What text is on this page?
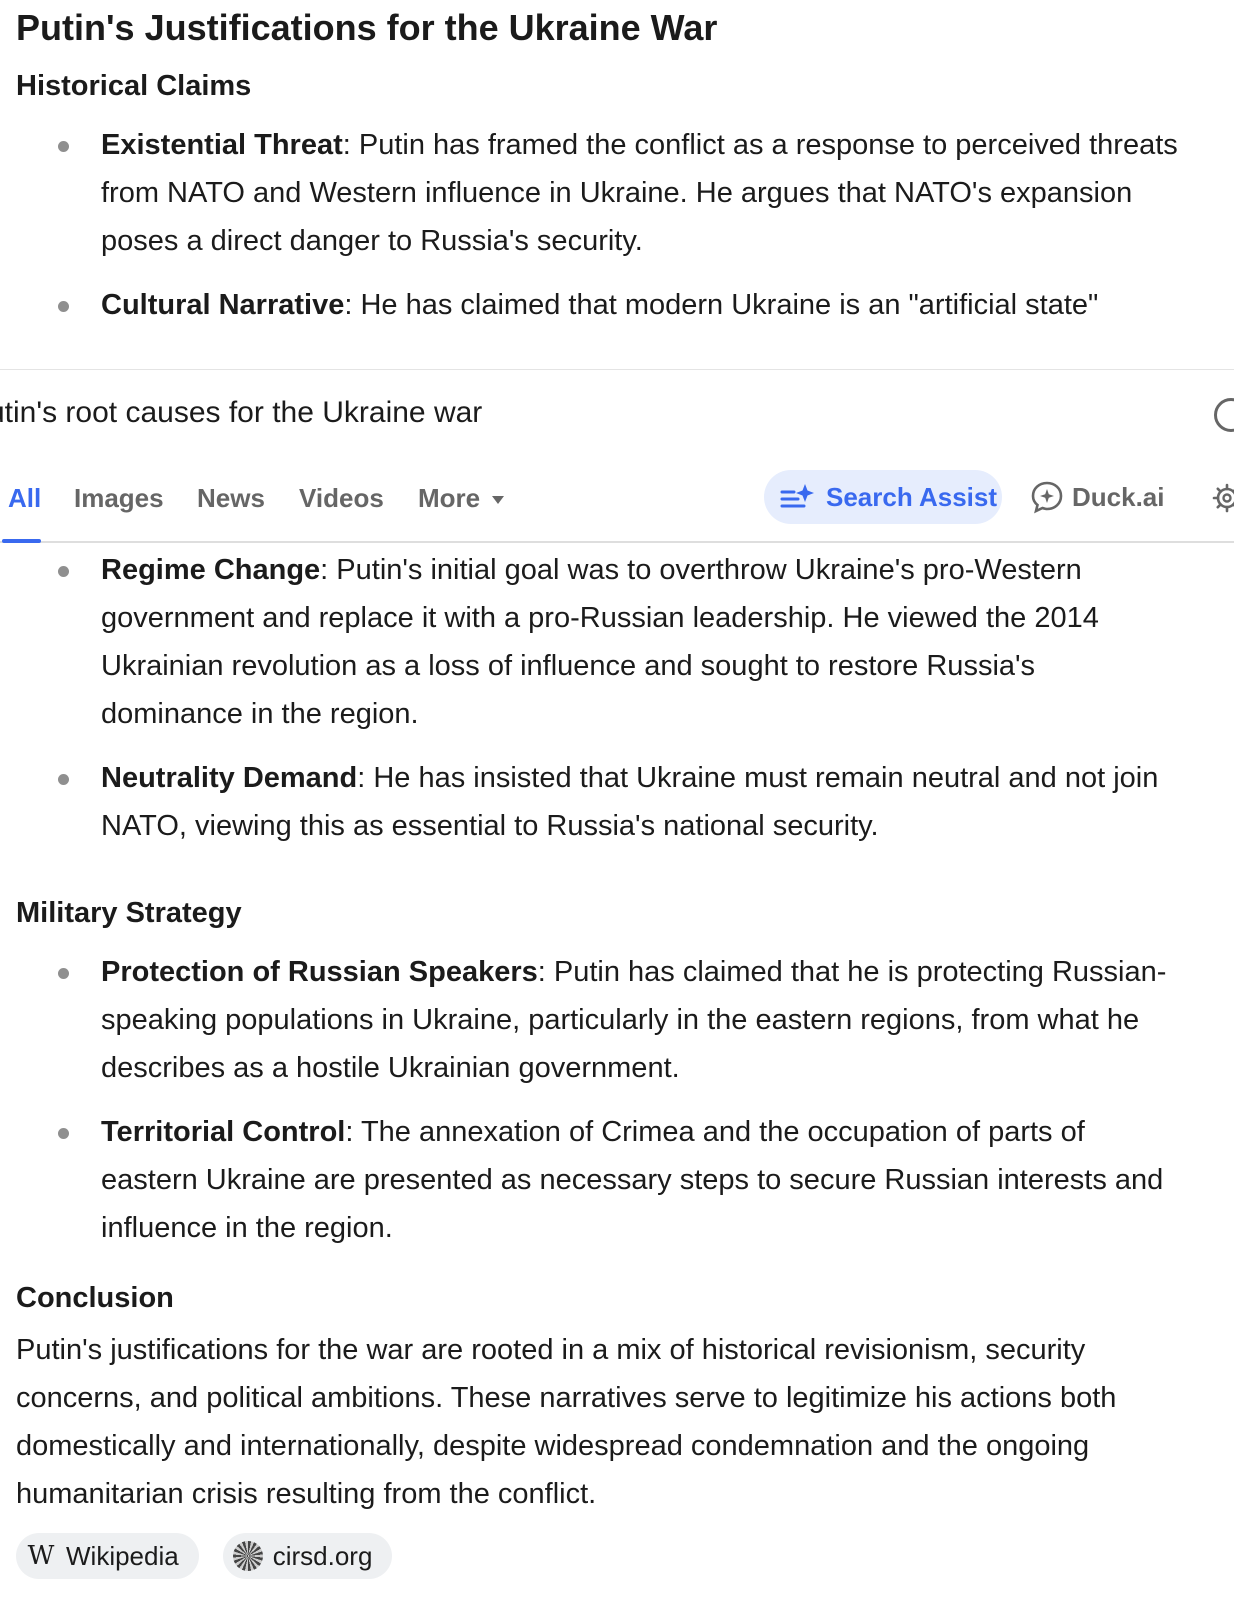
Putin's Justifications for the Ukraine War
Historical Claims
Existential Threat: Putin has framed the conflict as a response to perceived threats from NATO and Western influence in Ukraine. He argues that NATO's expansion poses a direct danger to Russia's security.
Cultural Narrative: He has claimed that modern Ukraine is an "artificial state"
Regime Change: Putin's initial goal was to overthrow Ukraine's pro-Western government and replace it with a pro-Russian leadership. He viewed the 2014 Ukrainian revolution as a loss of influence and sought to restore Russia's dominance in the region.
Neutrality Demand: He has insisted that Ukraine must remain neutral and not join NATO, viewing this as essential to Russia's national security.
Military Strategy
Protection of Russian Speakers: Putin has claimed that he is protecting Russian-speaking populations in Ukraine, particularly in the eastern regions, from what he describes as a hostile Ukrainian government.
Territorial Control: The annexation of Crimea and the occupation of parts of eastern Ukraine are presented as necessary steps to secure Russian interests and influence in the region.
Conclusion
Putin's justifications for the war are rooted in a mix of historical revisionism, security concerns, and political ambitions. These narratives serve to legitimize his actions both domestically and internationally, despite widespread condemnation and the ongoing humanitarian crisis resulting from the conflict.
W Wikipedia	cirsd.org
utin's root causes for the Ukraine war
All Images News Videos More	Search Assist	Duck.ai
